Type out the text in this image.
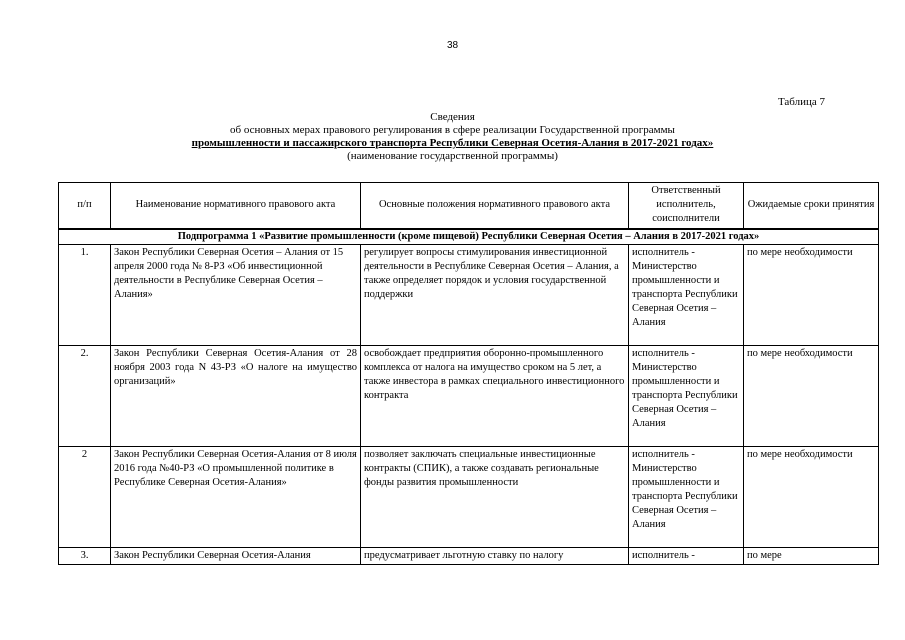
38
Таблица 7
Сведения
об основных мерах правового регулирования в сфере реализации Государственной программы
промышленности и пассажирского транспорта Республики Северная Осетия-Алания в 2017-2021 годах»
(наименование государственной программы)
п/п	Наименование нормативного правового акта	Основные положения нормативного правового акта	Ответственный исполнитель, соисполнители	Ожидаемые сроки принятия
Подпрограмма 1 «Развитие промышленности (кроме пищевой) Республики Северная Осетия – Алания в 2017-2021 годах»				
1.	Закон Республики Северная Осетия – Алания от 15 апреля 2000 года № 8-РЗ «Об инвестиционной деятельности в Республике Северная Осетия – Алания»	регулирует вопросы стимулирования инвестиционной деятельности в Республике Северная Осетия – Алания, а также определяет порядок и условия государственной поддержки	исполнитель - Министерство промышленности и транспорта Республики Северная Осетия – Алания	по мере необходимости
2.	Закон Республики Северная Осетия-Алания от 28 ноября 2003 года N 43-РЗ «О налоге на имущество организаций»	освобождает предприятия оборонно-промышленного комплекса от налога на имущество сроком на 5 лет, а также инвестора в рамках специального инвестиционного контракта	исполнитель - Министерство промышленности и транспорта Республики Северная Осетия – Алания	по мере необходимости
2	Закон Республики Северная Осетия-Алания от 8 июля 2016 года №40-РЗ «О промышленной политике в Республике Северная Осетия-Алания»	позволяет заключать специальные инвестиционные контракты (СПИК), а также создавать региональные фонды развития промышленности	исполнитель - Министерство промышленности и транспорта Республики Северная Осетия – Алания	по мере необходимости
3.	Закон Республики Северная Осетия-Алания	предусматривает льготную ставку по налогу	исполнитель -	по мере
